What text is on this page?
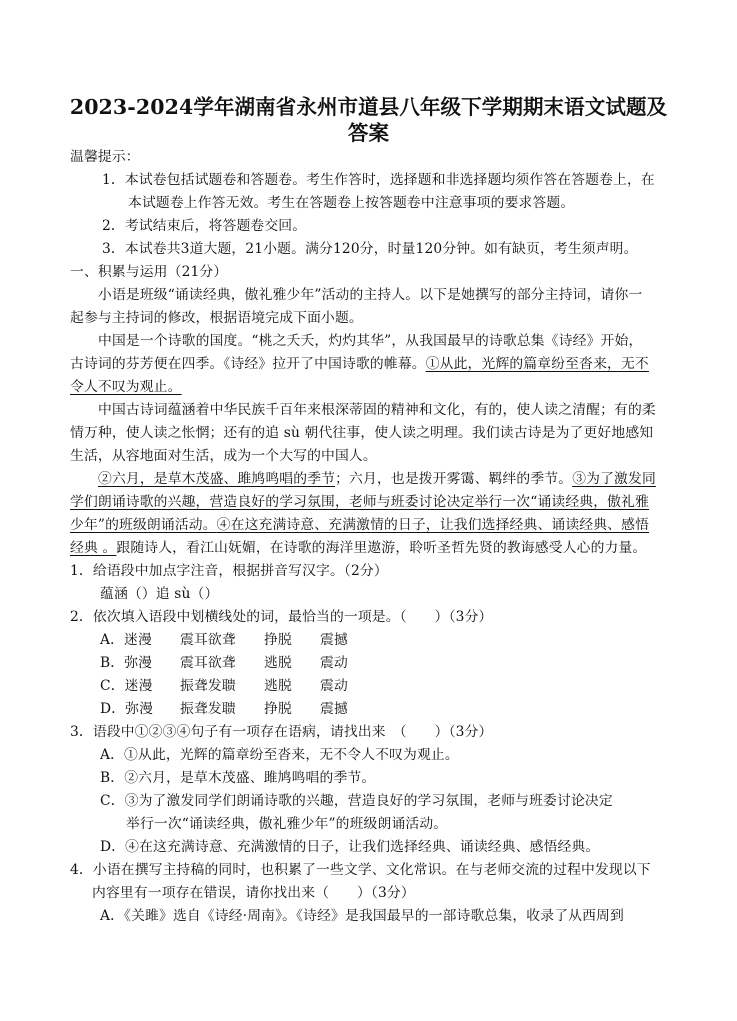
2023-2024学年湖南省永州市道县八年级下学期期末语文试题及
答案
温馨提示：
1．本试卷包括试题卷和答题卷。考生作答时，选择题和非选择题均须作答在答题卷上，在
本试题卷上作答无效。考生在答题卷上按答题卷中注意事项的要求答题。
2．考试结束后，将答题卷交回。
3．本试卷共3道大题，21小题。满分120分，时量120分钟。如有缺页，考生须声明。
一、积累与运用（21分）
小语是班级“诵读经典，傲礼雅少年”活动的主持人。以下是她撰写的部分主持词，请你一
起参与主持词的修改，根据语境完成下面小题。
中国是一个诗歌的国度。“桃之夭夭，灼灼其华”，从我国最早的诗歌总集《诗经》开始，
古诗词的芬芳便在四季。《诗经》拉开了中国诗歌的帷幕。①从此，光辉的篇章纷至沓来，无不
令人不叹为观止。
中国古诗词蕴涵着中华民族千百年来根深蒂固的精神和文化，有的，使人读之清醒；有的柔
情万种，使人读之怅惘；还有的追 sù 朝代往事，使人读之明理。我们读古诗是为了更好地感知
生活，从容地面对生活，成为一个大写的中国人。
②六月，是草木茂盛、雎鸠鸣唱的季节；六月，也是拨开雾霭、羁绊的季节。③为了激发同
学们朗诵诗歌的兴趣，营造良好的学习氛围，老师与班委讨论决定举行一次“诵读经典，傲礼雅
少年”的班级朗诵活动。④在这充满诗意、充满激情的日子，让我们选择经典、诵读经典、感悟
经典 。跟随诗人，看江山妩媚，在诗歌的海洋里遨游，聆听圣哲先贤的教诲感受人心的力量。
1．给语段中加点字注音，根据拼音写汉字。（2分）
蕴涵（）追 sù（）
2．依次填入语段中划横线处的词，最恰当的一项是。（　　）（3分）
A．迷漫 震耳欲聋 挣脱 震撼
B．弥漫 震耳欲聋 逃脱 震动
C．迷漫 振聋发聩 逃脱 震动
D．弥漫 振聋发聩 挣脱 震撼
3．语段中①②③④句子有一项存在语病，请找出来　（　　）（3分）
A．①从此，光辉的篇章纷至沓来，无不令人不叹为观止。
B．②六月，是草木茂盛、雎鸠鸣唱的季节。
C．③为了激发同学们朗诵诗歌的兴趣，营造良好的学习氛围，老师与班委讨论决定
举行一次“诵读经典，傲礼雅少年”的班级朗诵活动。
D．④在这充满诗意、充满激情的日子，让我们选择经典、诵读经典、感悟经典。
4．小语在撰写主持稿的同时，也积累了一些文学、文化常识。在与老师交流的过程中发现以下
内容里有一项存在错误，请你找出来（　　）（3分）
A．《关雎》选自《诗经·周南》。《诗经》是我国最早的一部诗歌总集，收录了从西周到
